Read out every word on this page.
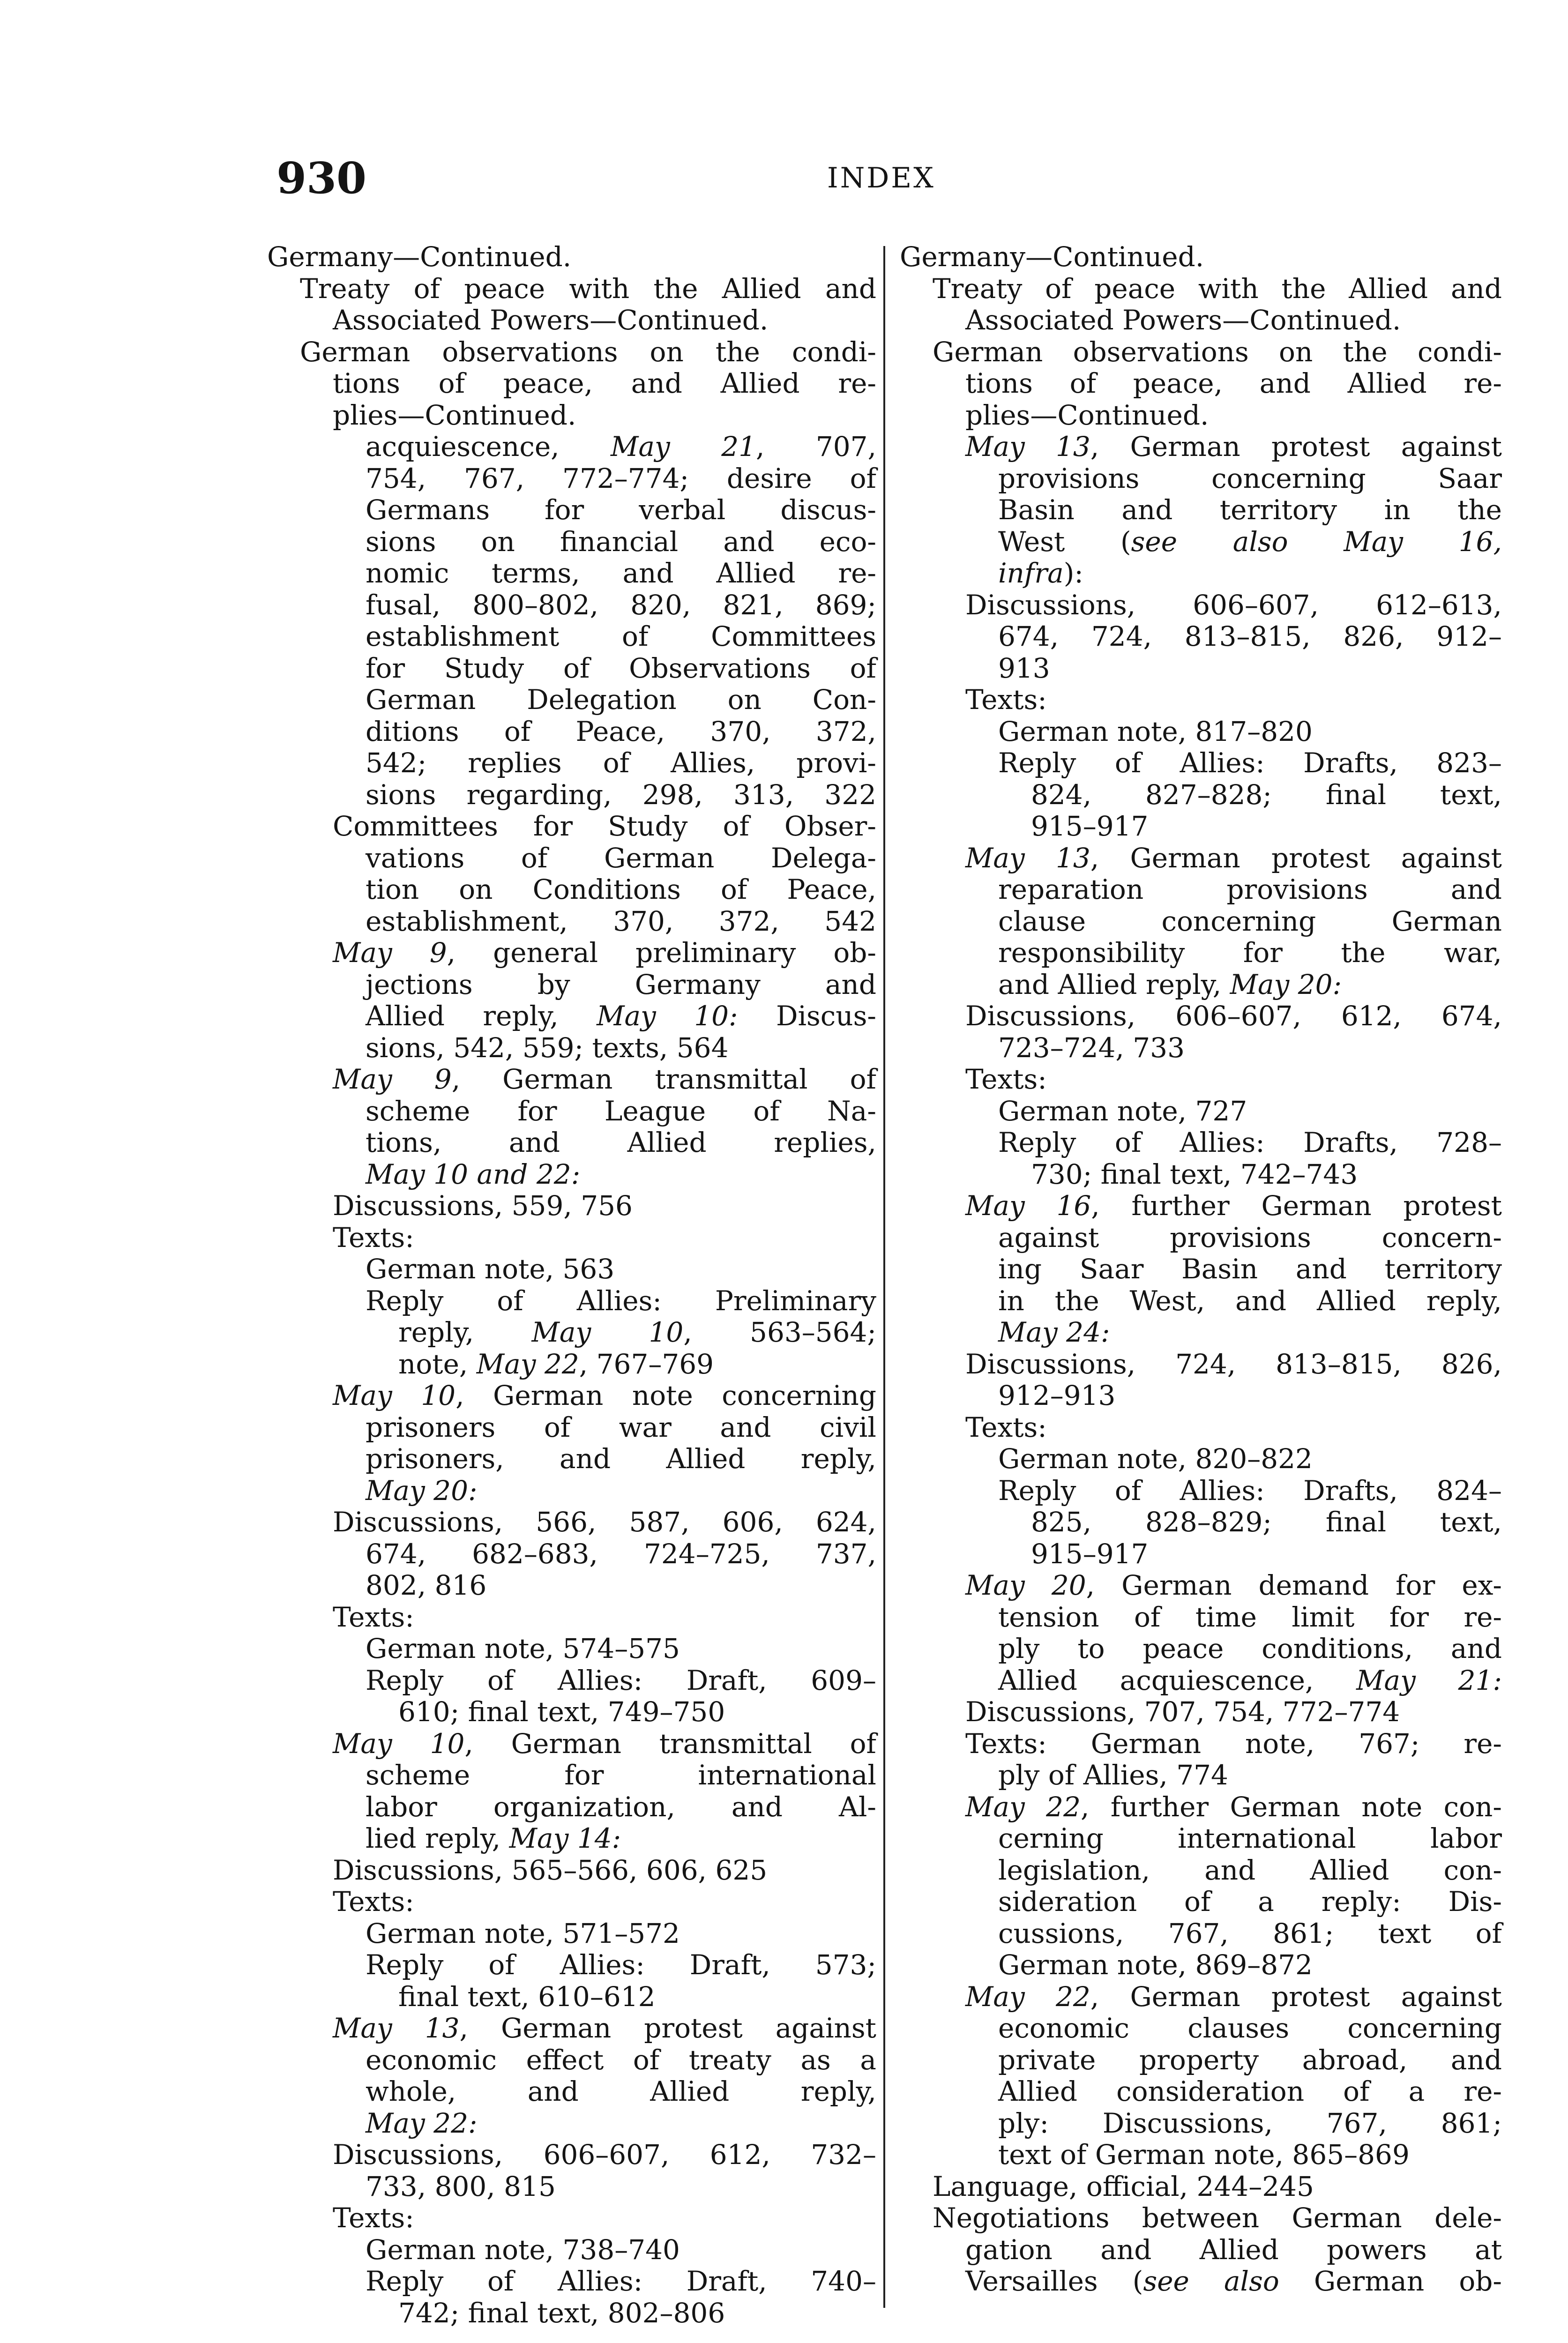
930	INDEX
Germany—Continued.
Treaty of peace with the Allied and
Associated Powers—Continued.
German observations on the condi-
tions of peace, and Allied re-
plies—Continued.
acquiescence, May 21, 707,
754, 767, 772–774; desire of
Germans for verbal discus-
sions on financial and eco-
nomic terms, and Allied re-
fusal, 800–802, 820, 821, 869;
establishment of Committees
for Study of Observations of
German Delegation on Con-
ditions of Peace, 370, 372,
542; replies of Allies, provi-
sions regarding, 298, 313, 322
Committees for Study of Obser-
vations of German Delega-
tion on Conditions of Peace,
establishment, 370, 372, 542
May 9, general preliminary ob-
jections by Germany and
Allied reply, May 10: Discus-
sions, 542, 559; texts, 564
May 9, German transmittal of
scheme for League of Na-
tions, and Allied replies,
May 10 and 22:
Discussions, 559, 756
Texts:
German note, 563
Reply of Allies: Preliminary
reply, May 10, 563–564;
note, May 22, 767–769
May 10, German note concerning
prisoners of war and civil
prisoners, and Allied reply,
May 20:
Discussions, 566, 587, 606, 624,
674, 682–683, 724–725, 737,
802, 816
Texts:
German note, 574–575
Reply of Allies: Draft, 609–
610; final text, 749–750
May 10, German transmittal of
scheme for international
labor organization, and Al-
lied reply, May 14:
Discussions, 565–566, 606, 625
Texts:
German note, 571–572
Reply of Allies: Draft, 573;
final text, 610–612
May 13, German protest against
economic effect of treaty as a
whole, and Allied reply,
May 22:
Discussions, 606–607, 612, 732–
733, 800, 815
Texts:
German note, 738–740
Reply of Allies: Draft, 740–
742; final text, 802–806
Germany—Continued.
Treaty of peace with the Allied and
Associated Powers—Continued.
German observations on the condi-
tions of peace, and Allied re-
plies—Continued.
May 13, German protest against
provisions concerning Saar
Basin and territory in the
West (see also May 16,
infra):
Discussions, 606–607, 612–613,
674, 724, 813–815, 826, 912–
913
Texts:
German note, 817–820
Reply of Allies: Drafts, 823–
824, 827–828; final text,
915–917
May 13, German protest against
reparation provisions and
clause concerning German
responsibility for the war,
and Allied reply, May 20:
Discussions, 606–607, 612, 674,
723–724, 733
Texts:
German note, 727
Reply of Allies: Drafts, 728–
730; final text, 742–743
May 16, further German protest
against provisions concern-
ing Saar Basin and territory
in the West, and Allied reply,
May 24:
Discussions, 724, 813–815, 826,
912–913
Texts:
German note, 820–822
Reply of Allies: Drafts, 824–
825, 828–829; final text,
915–917
May 20, German demand for ex-
tension of time limit for re-
ply to peace conditions, and
Allied acquiescence, May 21:
Discussions, 707, 754, 772–774
Texts: German note, 767; re-
ply of Allies, 774
May 22, further German note con-
cerning international labor
legislation, and Allied con-
sideration of a reply: Dis-
cussions, 767, 861; text of
German note, 869–872
May 22, German protest against
economic clauses concerning
private property abroad, and
Allied consideration of a re-
ply: Discussions, 767, 861;
text of German note, 865–869
Language, official, 244–245
Negotiations between German dele-
gation and Allied powers at
Versailles (see also German ob-
